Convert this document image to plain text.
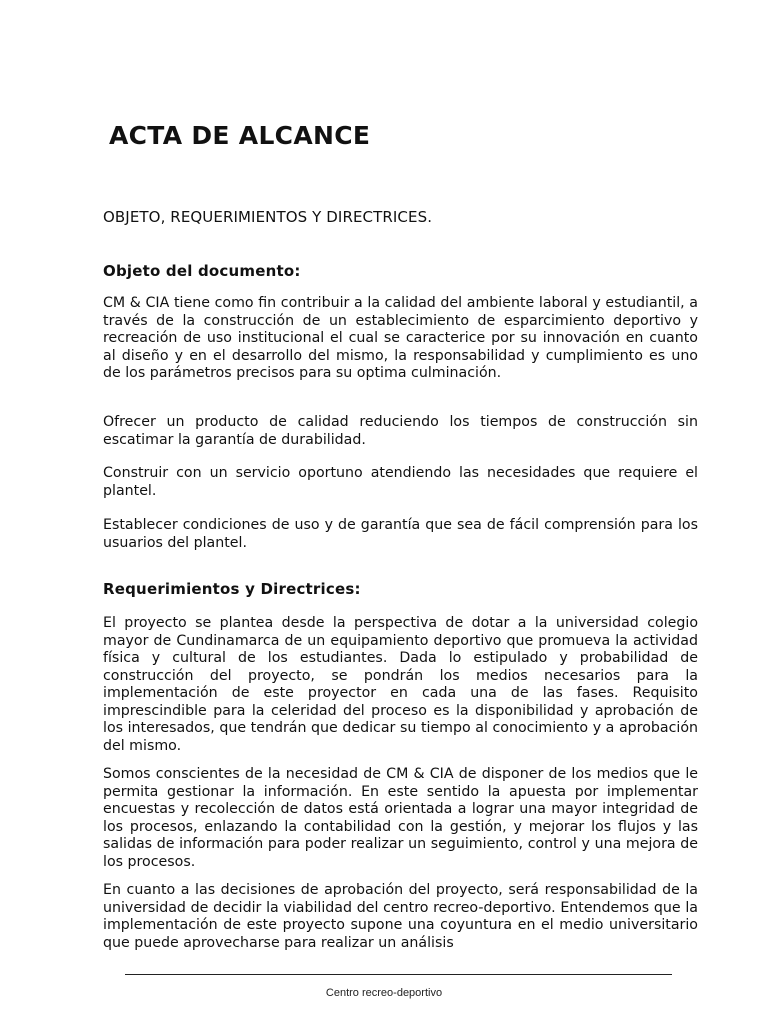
ACTA DE ALCANCE
OBJETO, REQUERIMIENTOS Y DIRECTRICES.
Objeto del documento:

CM & CIA tiene como fin contribuir a la calidad del ambiente laboral y estudiantil, a través de la construcción de un establecimiento de esparcimiento deportivo y recreación de uso institucional el cual se caracterice por su innovación en cuanto al diseño y en el desarrollo del mismo, la responsabilidad y cumplimiento es uno de los parámetros precisos para su optima culminación.

Ofrecer un producto de calidad reduciendo los tiempos de construcción sin escatimar la garantía de durabilidad.

Construir con un servicio oportuno atendiendo las necesidades que requiere el plantel.

Establecer condiciones de uso y de garantía que sea de fácil comprensión para los usuarios del plantel.

Requerimientos y Directrices:

El proyecto se plantea desde la perspectiva de dotar a la universidad colegio mayor de Cundinamarca de un equipamiento deportivo que promueva la actividad física y cultural de los estudiantes. Dada lo estipulado y probabilidad de construcción del proyecto, se pondrán los medios necesarios para la implementación de este proyector en cada una de las fases. Requisito imprescindible para la celeridad del proceso es la disponibilidad y aprobación de los interesados, que tendrán que dedicar su tiempo al conocimiento y a aprobación del mismo.

Somos conscientes de la necesidad de CM & CIA de disponer de los medios que le permita gestionar la información. En este sentido la apuesta por implementar encuestas y recolección de datos está orientada a lograr una mayor integridad de los procesos, enlazando la contabilidad con la gestión, y mejorar los flujos y las salidas de información para poder realizar un seguimiento, control y una mejora de los procesos.

En cuanto a las decisiones de aprobación del proyecto, será responsabilidad de la universidad de decidir la viabilidad del centro recreo-deportivo. Entendemos que la implementación de este proyecto supone una coyuntura en el medio universitario que puede aprovecharse para realizar un análisis

Centro recreo-deportivo
